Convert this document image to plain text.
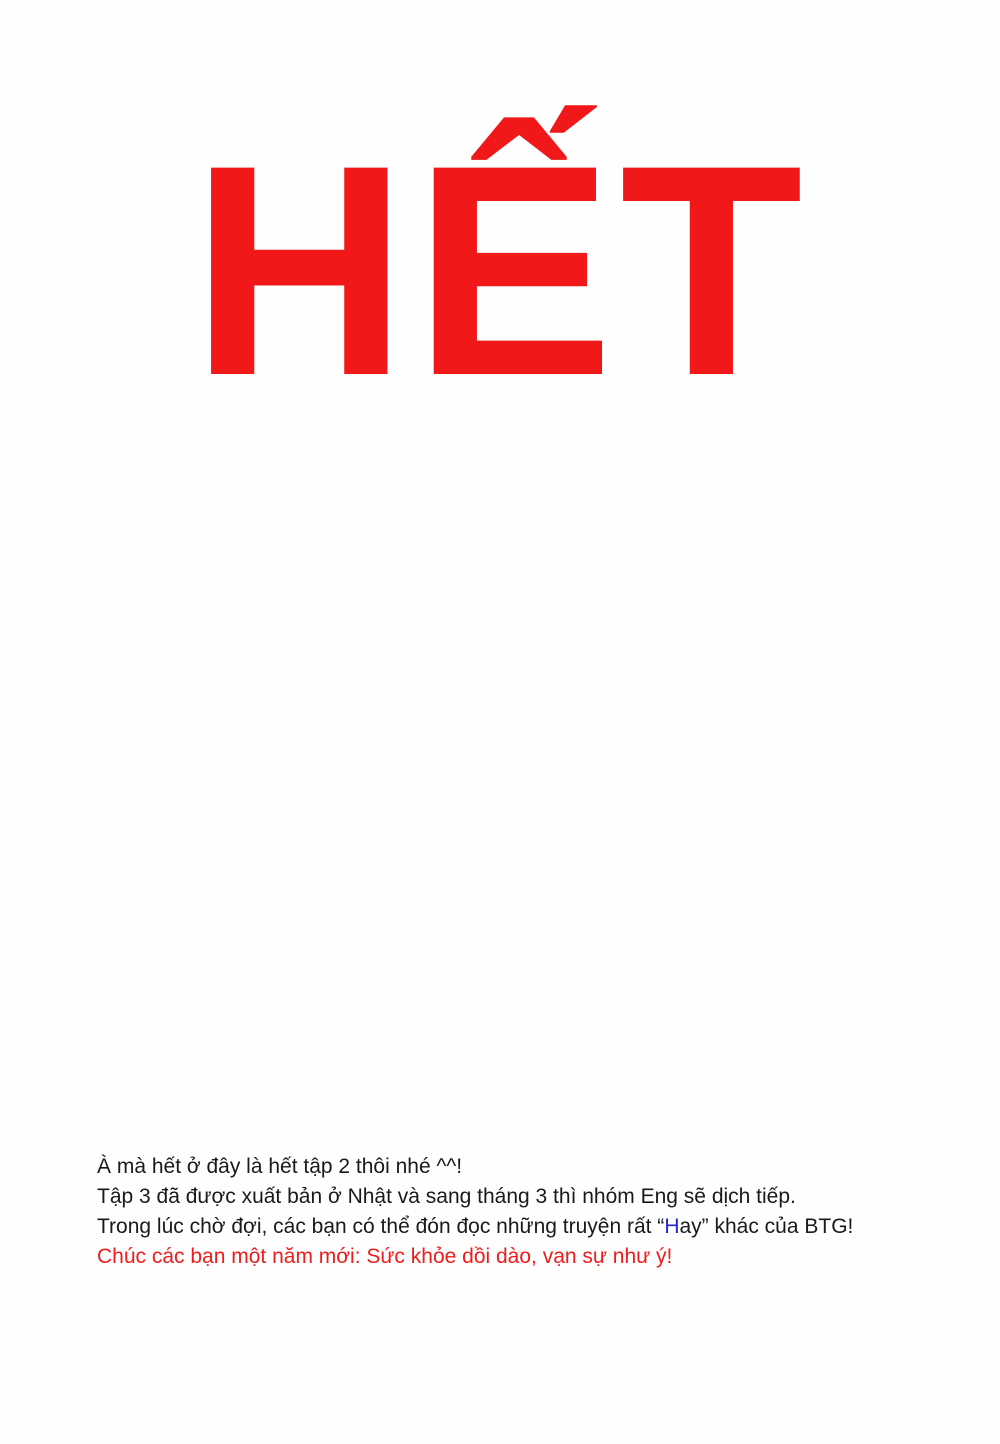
HẾT
À mà hết ở đây là hết tập 2 thôi nhé ^^!
Tập 3 đã được xuất bản ở Nhật và sang tháng 3 thì nhóm Eng sẽ dịch tiếp.
Trong lúc chờ đợi, các bạn có thể đón đọc những truyện rất “Hay” khác của BTG!
Chúc các bạn một năm mới: Sức khỏe dồi dào, vạn sự như ý!
